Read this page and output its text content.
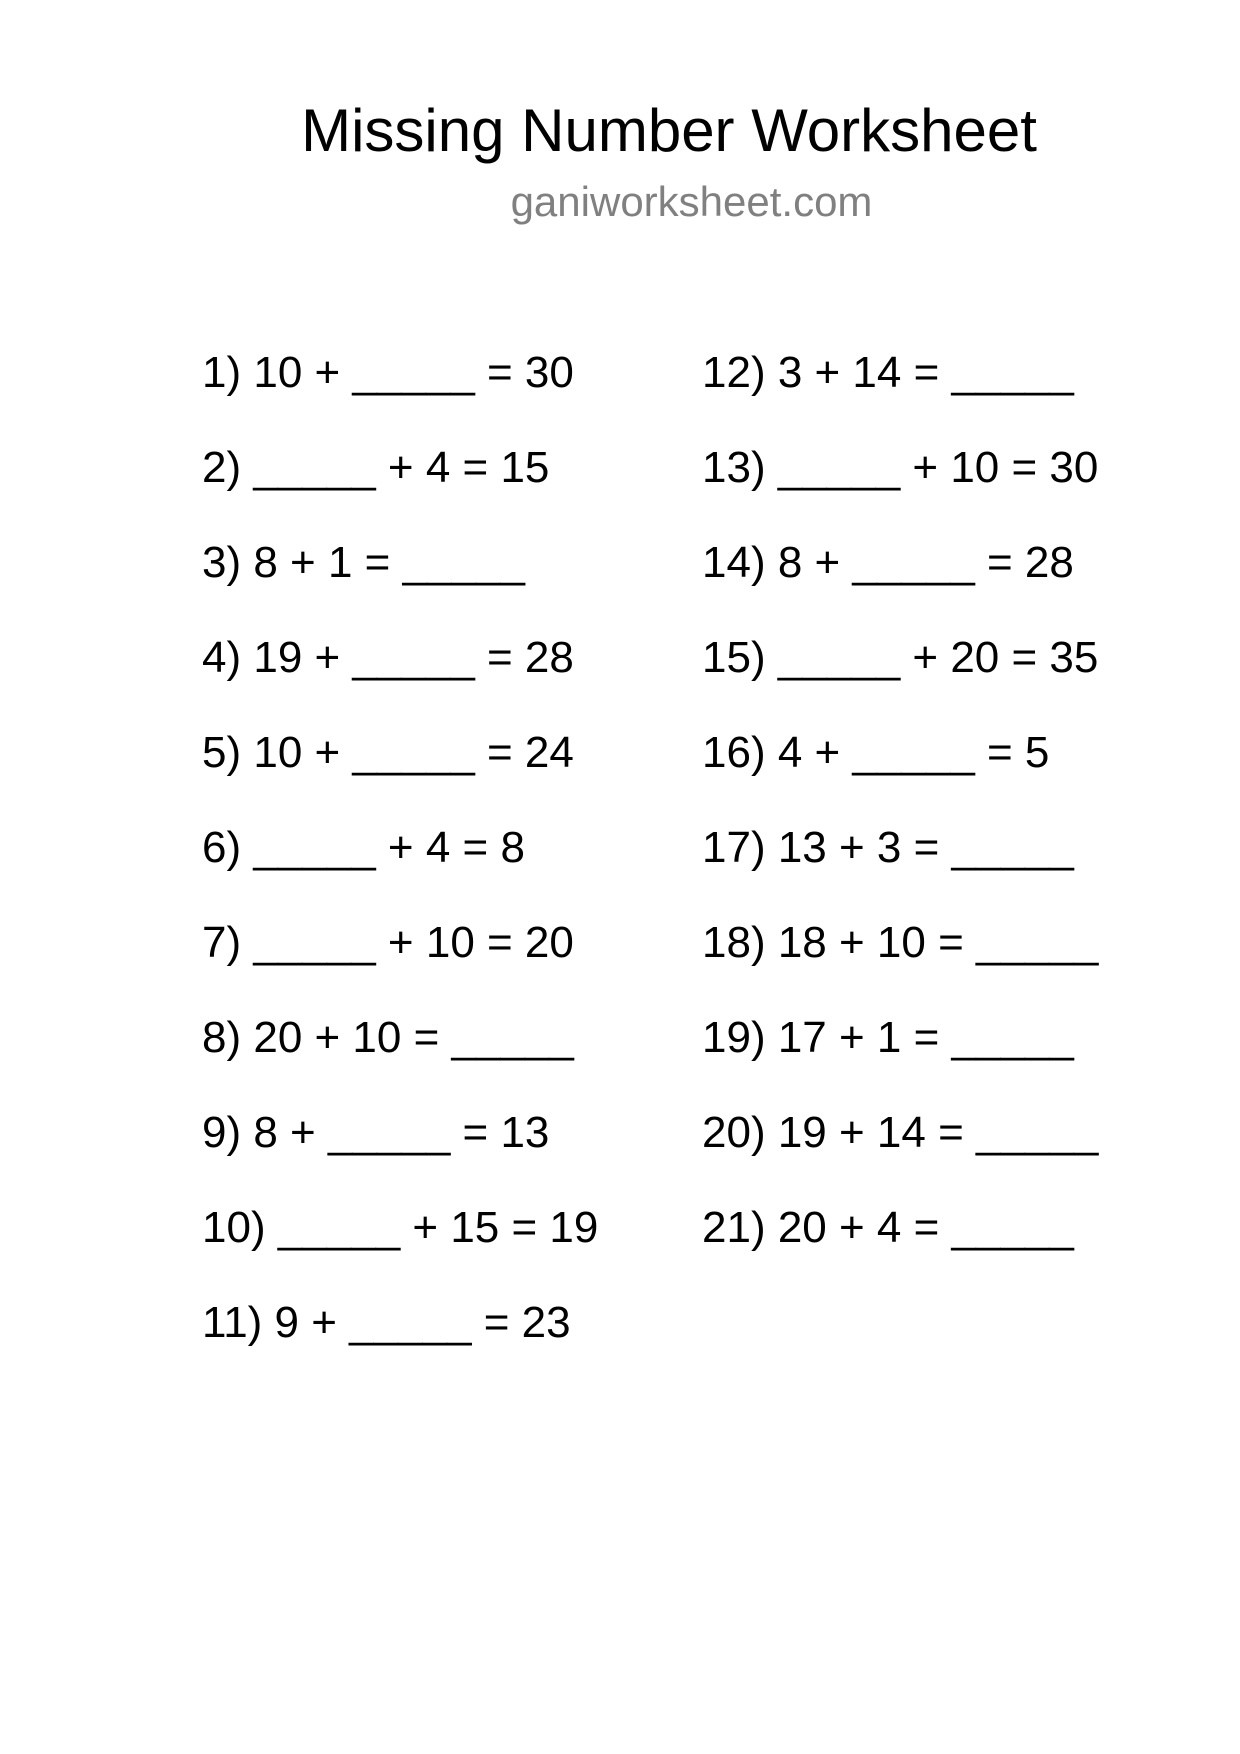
Missing Number Worksheet
ganiworksheet.com
1) 10 + _____ = 30
2) _____ + 4 = 15
3) 8 + 1 = _____
4) 19 + _____ = 28
5) 10 + _____ = 24
6) _____ + 4 = 8
7) _____ + 10 = 20
8) 20 + 10 = _____
9) 8 + _____ = 13
10) _____ + 15 = 19
11) 9 + _____ = 23
12) 3 + 14 = _____
13) _____ + 10 = 30
14) 8 + _____ = 28
15) _____ + 20 = 35
16) 4 + _____ = 5
17) 13 + 3 = _____
18) 18 + 10 = _____
19) 17 + 1 = _____
20) 19 + 14 = _____
21) 20 + 4 = _____
